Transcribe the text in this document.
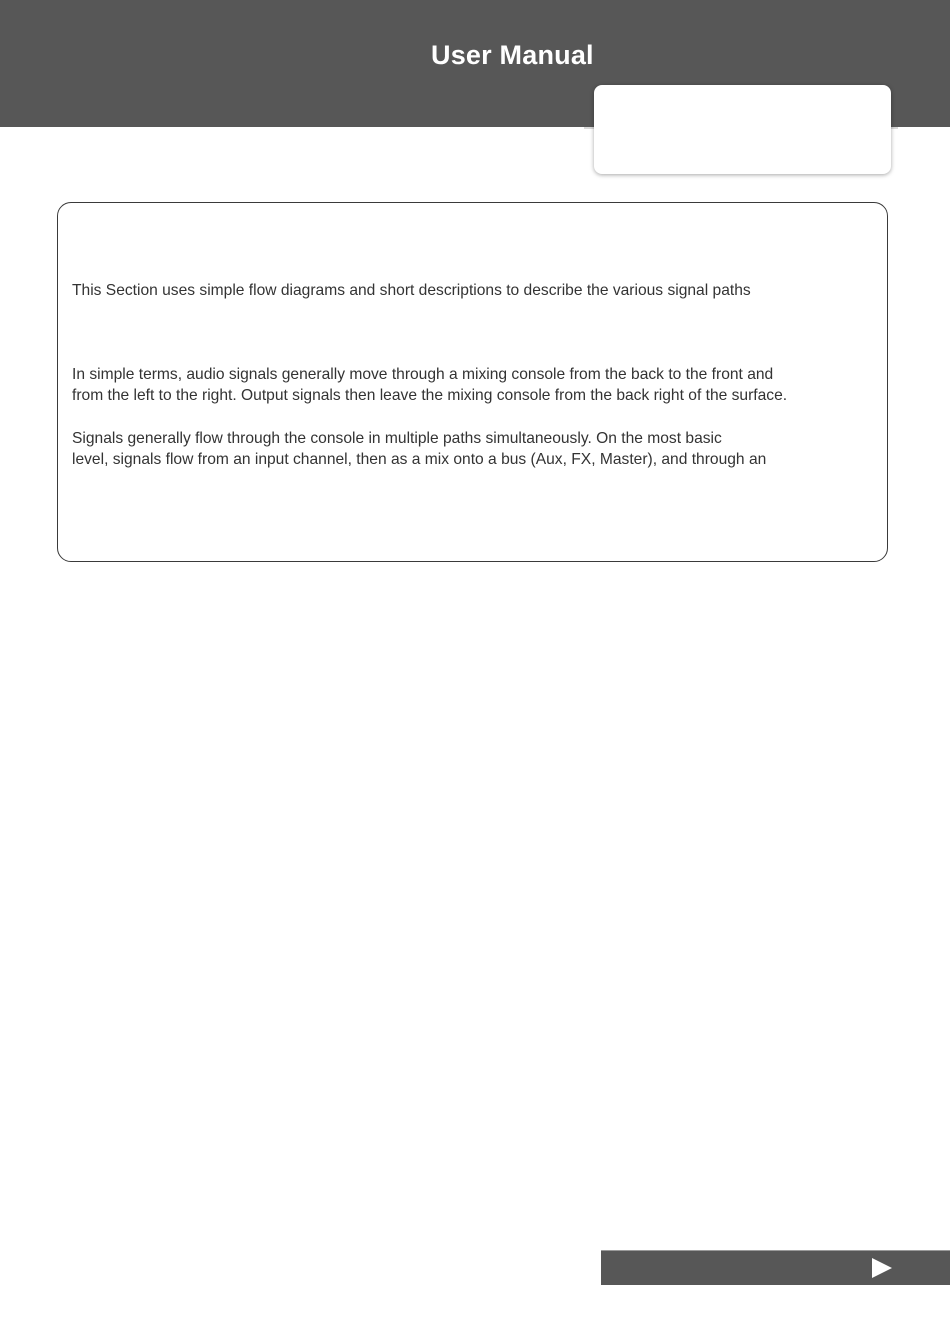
User Manual

This Section uses simple flow diagrams and short descriptions to describe the various signal paths

In simple terms, audio signals generally move through a mixing console from the back to the front and
from the left to the right. Output signals then leave the mixing console from the back right of the surface.

Signals generally flow through the console in multiple paths simultaneously. On the most basic
level, signals flow from an input channel, then as a mix onto a bus (Aux, FX, Master), and through an
